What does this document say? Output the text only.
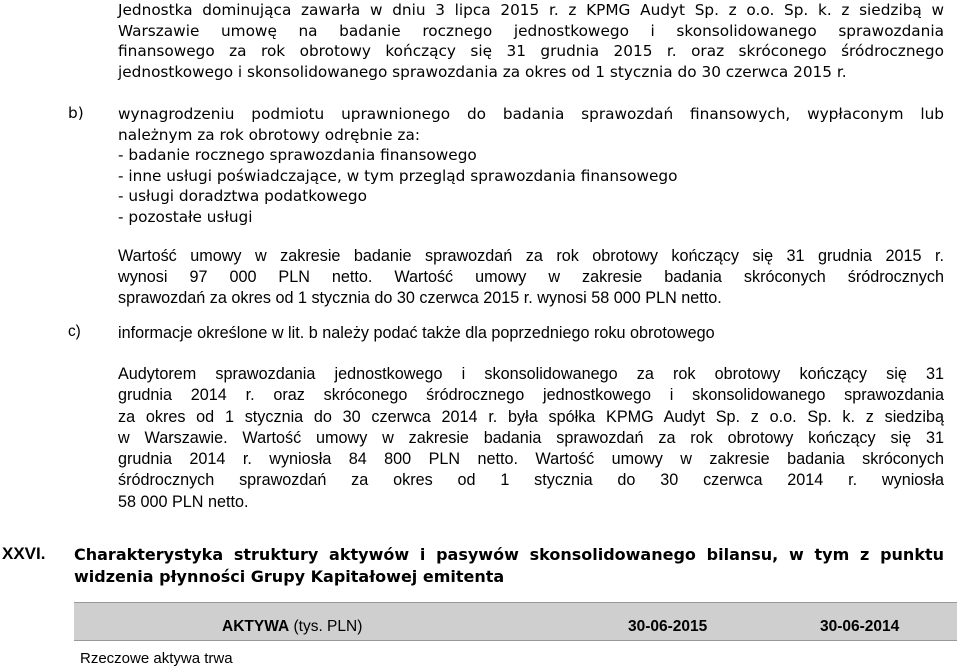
Jednostka dominująca zawarła w dniu 3 lipca 2015 r. z KPMG Audyt Sp. z o.o. Sp. k. z siedzibą w
Warszawie umowę na badanie rocznego jednostkowego i skonsolidowanego sprawozdania
finansowego za rok obrotowy kończący się 31 grudnia 2015 r. oraz skróconego śródrocznego
jednostkowego i skonsolidowanego sprawozdania za okres od 1 stycznia do 30 czerwca 2015 r.
b) wynagrodzeniu podmiotu uprawnionego do badania sprawozdań finansowych, wypłaconym lub
należnym za rok obrotowy odrębnie za:
- badanie rocznego sprawozdania finansowego
- inne usługi poświadczające, w tym przegląd sprawozdania finansowego
- usługi doradztwa podatkowego
- pozostałe usługi
Wartość umowy w zakresie badanie sprawozdań za rok obrotowy kończący się 31 grudnia 2015 r.
wynosi 97 000 PLN netto. Wartość umowy w zakresie badania skróconych śródrocznych
sprawozdań za okres od 1 stycznia do 30 czerwca 2015 r. wynosi 58 000 PLN netto.
c) informacje określone w lit. b należy podać także dla poprzedniego roku obrotowego
Audytorem sprawozdania jednostkowego i skonsolidowanego za rok obrotowy kończący się 31
grudnia 2014 r. oraz skróconego śródrocznego jednostkowego i skonsolidowanego sprawozdania
za okres od 1 stycznia do 30 czerwca 2014 r. była spółka KPMG Audyt Sp. z o.o. Sp. k. z siedzibą
w Warszawie. Wartość umowy w zakresie badania sprawozdań za rok obrotowy kończący się 31
grudnia 2014 r. wyniosła 84 800 PLN netto. Wartość umowy w zakresie badania skróconych
śródrocznych sprawozdań za okres od 1 stycznia do 30 czerwca 2014 r. wyniosła
58 000 PLN netto.
XXVI. Charakterystyka struktury aktywów i pasywów skonsolidowanego bilansu, w tym z punktu
widzenia płynności Grupy Kapitałowej emitenta
AKTYWA (tys. PLN)	30-06-2015	30-06-2014
Rzeczowe aktywa trwa
